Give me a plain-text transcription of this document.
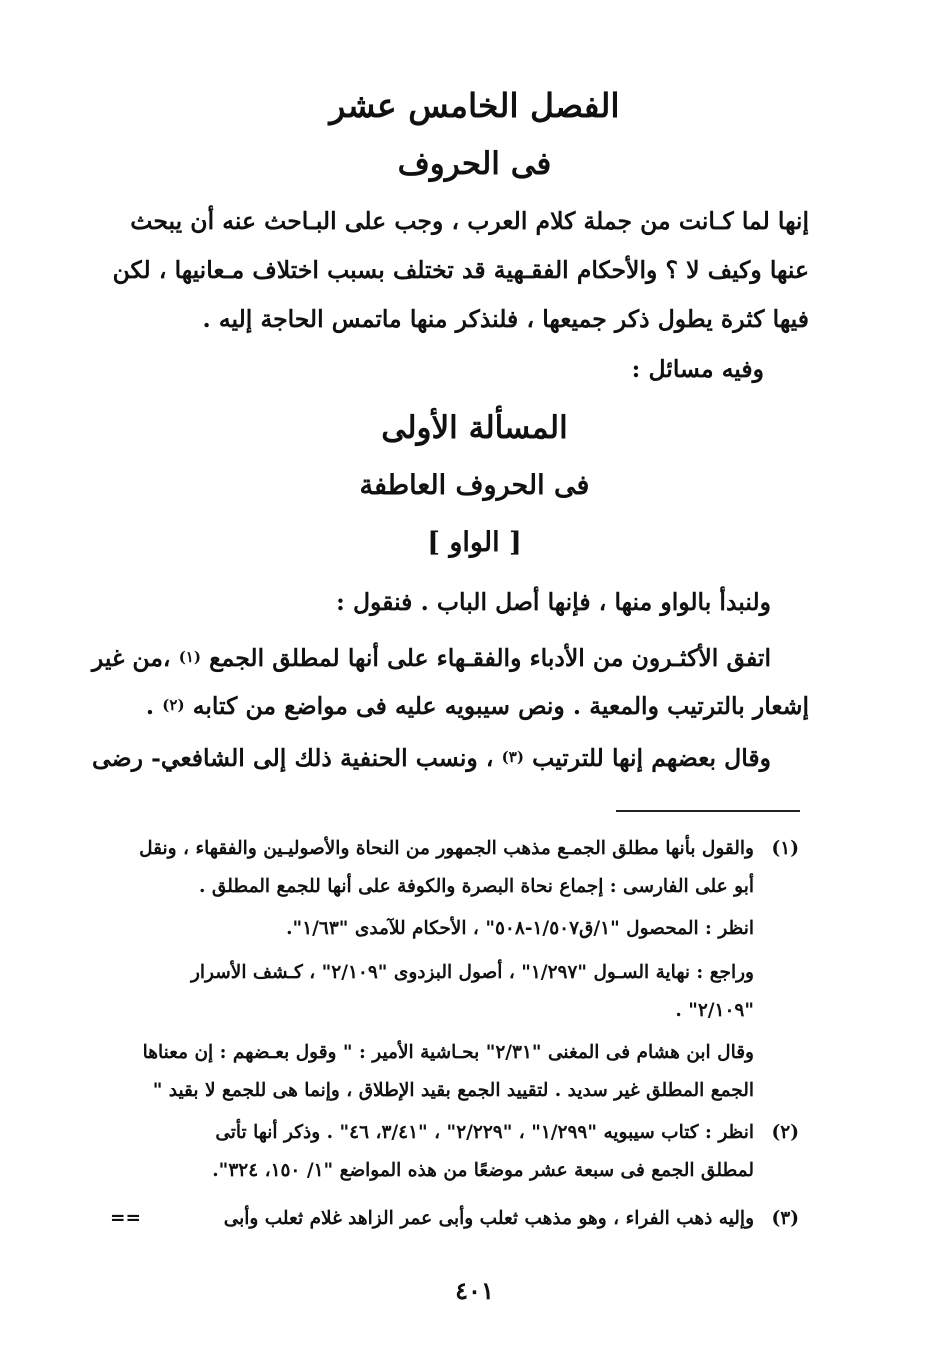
الفصل الخامس عشر
فى الحروف
إنها لما كـانت من جملة كلام العرب ، وجب على البـاحث عنه أن يبحث
عنها وكيف لا ؟ والأحكام الفقـهية قد تختلف بسبب اختلاف مـعانيها ، لكن
فيها كثرة يطول ذكر جميعها ، فلنذكر منها ماتمس الحاجة إليه .
وفيه مسائل :
المسألة الأولى
فى الحروف العاطفة
[ الواو ]
ولنبدأ بالواو منها ، فإنها أصل الباب . فنقول :
اتفق الأكثـرون من الأدباء والفقـهاء على أنها لمطلق الجمع (١) ،من غير
إشعار بالترتيب والمعية . ونص سيبويه عليه فى مواضع من كتابه (٢) .
وقال بعضهم إنها للترتيب (٣) ، ونسب الحنفية ذلك إلى الشافعي- رضى
(١)
والقول بأنها مطلق الجمـع مذهب الجمهور من النحاة والأصوليـين والفقهاء ، ونقل
أبو على الفارسى : إجماع نحاة البصرة والكوفة على أنها للجمع المطلق .
انظر : المحصول "١/ق١/٥٠٧-٥٠٨" ، الأحكام للآمدى "١/٦٣".
وراجع : نهاية السـول "١/٢٩٧" ، أصول البزدوى "٢/١٠٩" ، كـشف الأسرار
"٢/١٠٩" .
وقال ابن هشام فى المغنى "٢/٣١" بحـاشية الأمير : " وقول بعـضهم : إن معناها
الجمع المطلق غير سديد . لتقييد الجمع بقيد الإطلاق ، وإنما هى للجمع لا بقيد "
(٢)
انظر : كتاب سيبويه "١/٢٩٩" ، "٢/٢٢٩" ، "٣/٤١، ٤٦" . وذكر أنها تأتى
لمطلق الجمع فى سبعة عشر موضعًا من هذه المواضع "١/ ١٥٠، ٣٢٤".
(٣)
وإليه ذهب الفراء ، وهو مذهب ثعلب وأبى عمر الزاهد غلام ثعلب وأبى
==
٤٠١
